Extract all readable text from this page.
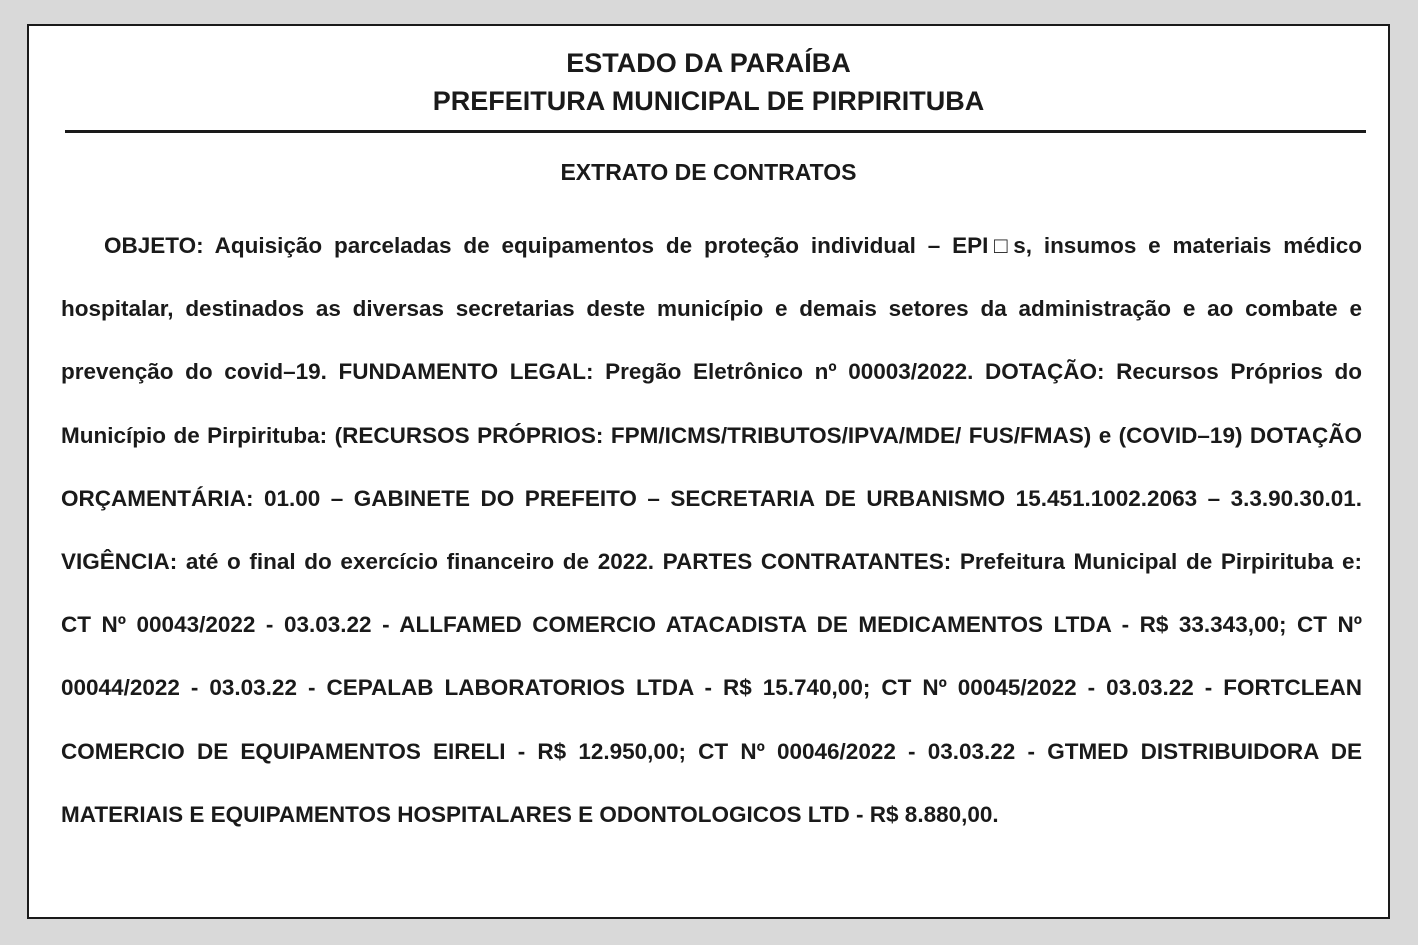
ESTADO DA PARAÍBA
PREFEITURA MUNICIPAL DE PIRPIRITUBA
EXTRATO DE CONTRATOS

OBJETO: Aquisição parceladas de equipamentos de proteção individual – EPI□s, insumos e materiais médico hospitalar, destinados as diversas secretarias deste município e demais setores da administração e ao combate e prevenção do covid–19. FUNDAMENTO LEGAL: Pregão Eletrônico nº 00003/2022. DOTAÇÃO: Recursos Próprios do Município de Pirpirituba: (RECURSOS PRÓPRIOS: FPM/ICMS/TRIBUTOS/IPVA/MDE/ FUS/FMAS) e (COVID–19) DOTAÇÃO ORÇAMENTÁRIA: 01.00 – GABINETE DO PREFEITO – SECRETARIA DE URBANISMO 15.451.1002.2063 – 3.3.90.30.01. VIGÊNCIA: até o final do exercício financeiro de 2022. PARTES CONTRATANTES: Prefeitura Municipal de Pirpirituba e: CT Nº 00043/2022 - 03.03.22 - ALLFAMED COMERCIO ATACADISTA DE MEDICAMENTOS LTDA - R$ 33.343,00; CT Nº 00044/2022 - 03.03.22 - CEPALAB LABORATORIOS LTDA - R$ 15.740,00; CT Nº 00045/2022 - 03.03.22 - FORTCLEAN COMERCIO DE EQUIPAMENTOS EIRELI - R$ 12.950,00; CT Nº 00046/2022 - 03.03.22 - GTMED DISTRIBUIDORA DE MATERIAIS E EQUIPAMENTOS HOSPITALARES E ODONTOLOGICOS LTD - R$ 8.880,00.
